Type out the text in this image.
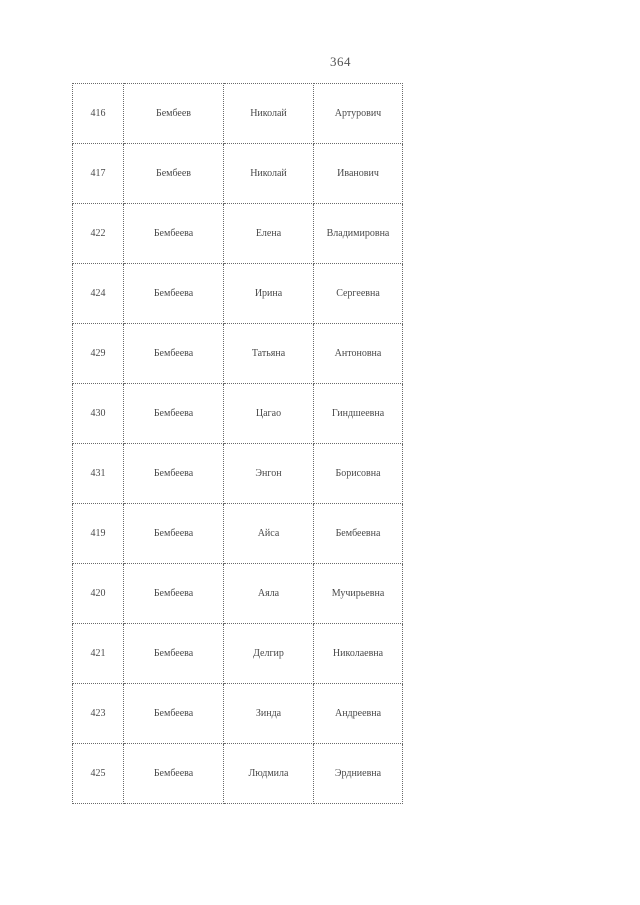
364
416	Бембеев	Николай	Артурович
417	Бембеев	Николай	Иванович
422	Бембеева	Елена	Владимировна
424	Бембеева	Ирина	Сергеевна
429	Бембеева	Татьяна	Антоновна
430	Бембеева	Цагао	Гиндшеевна
431	Бембеева	Энгон	Борисовна
419	Бембеева	Айса	Бембеевна
420	Бембеева	Аяла	Мучирьевна
421	Бембеева	Делгир	Николаевна
423	Бембеева	Зинда	Андреевна
425	Бембеева	Людмила	Эрдниевна
